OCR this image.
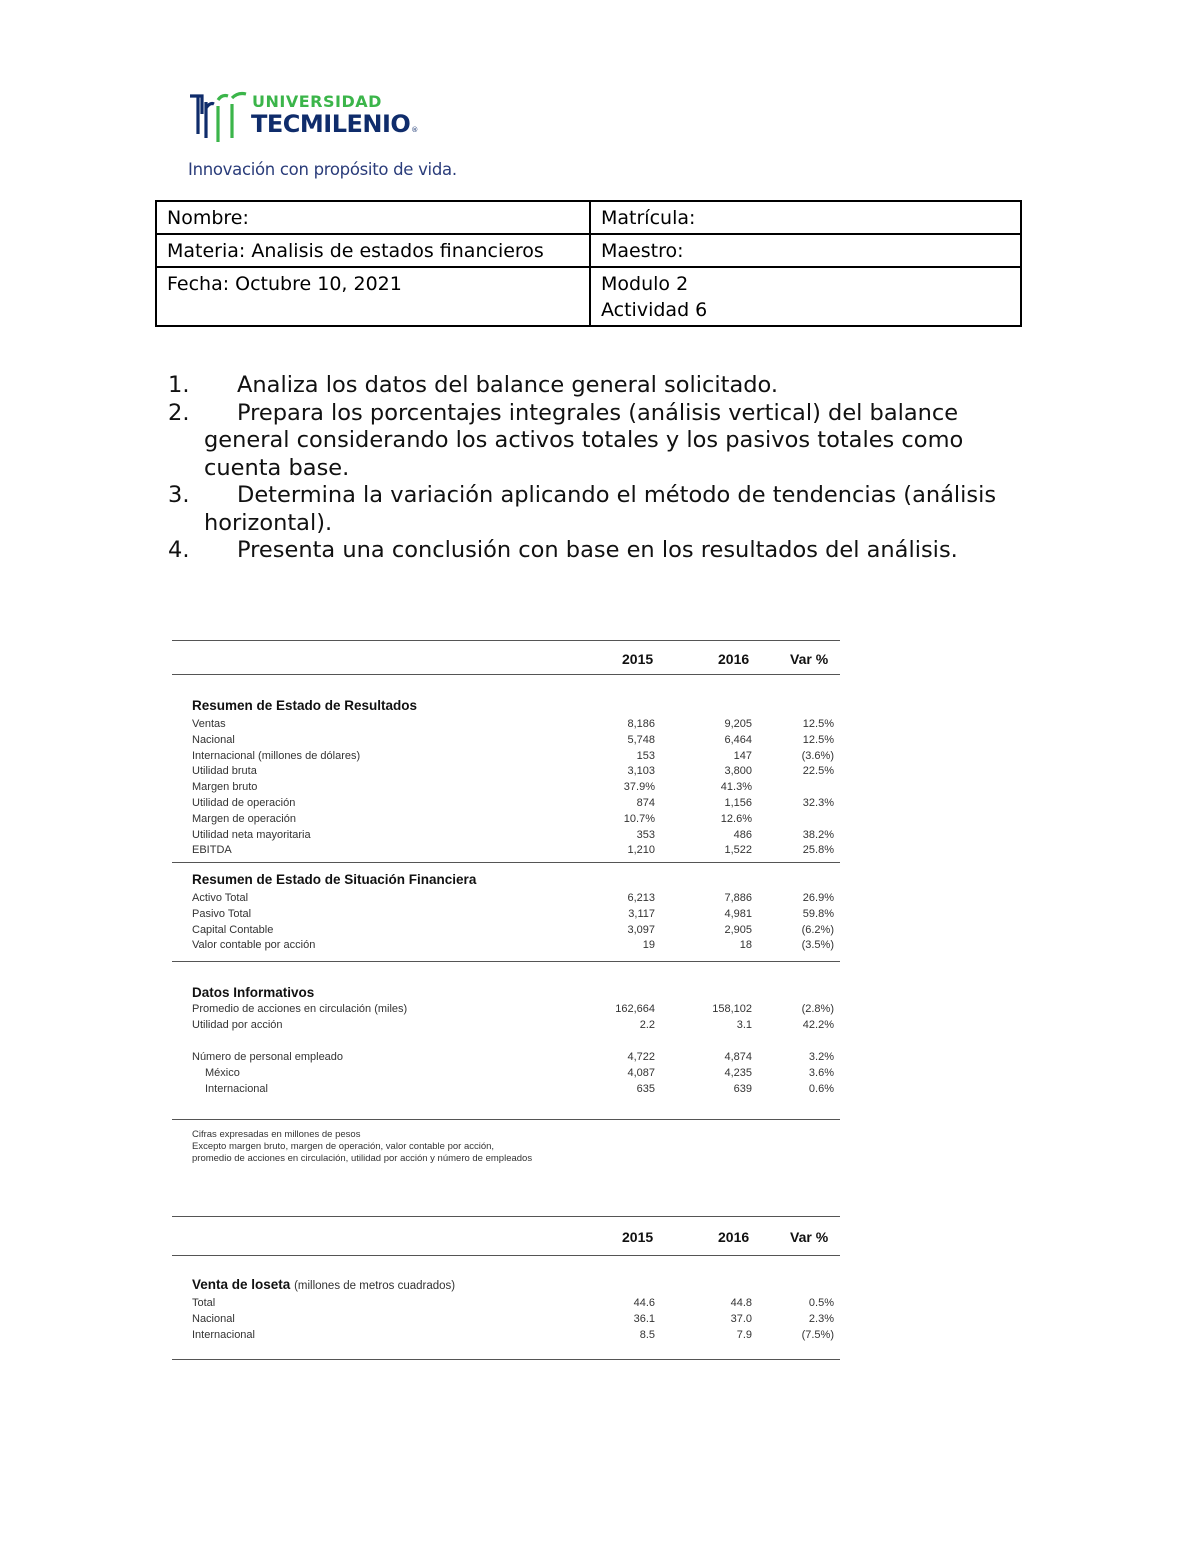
UNIVERSIDAD
TECMILENIO®
Innovación con propósito de vida.
Nombre:	Matrícula:
Materia: Analisis de estados financieros	Maestro:
Fecha: Octubre 10, 2021	Modulo 2
Actividad 6
1.	Analiza los datos del balance general solicitado.
2.	Prepara los porcentajes integrales (análisis vertical) del balance
general considerando los activos totales y los pasivos totales como
cuenta base.
3.	Determina la variación aplicando el método de tendencias (análisis
horizontal).
4.	Presenta una conclusión con base en los resultados del análisis.
2015	2016	Var %
Resumen de Estado de Resultados
Ventas	8,186	9,205	12.5%
Nacional	5,748	6,464	12.5%
Internacional (millones de dólares)	153	147	(3.6%)
Utilidad bruta	3,103	3,800	22.5%
Margen bruto	37.9%	41.3%
Utilidad de operación	874	1,156	32.3%
Margen de operación	10.7%	12.6%
Utilidad neta mayoritaria	353	486	38.2%
EBITDA	1,210	1,522	25.8%
Resumen de Estado de Situación Financiera
Activo Total	6,213	7,886	26.9%
Pasivo Total	3,117	4,981	59.8%
Capital Contable	3,097	2,905	(6.2%)
Valor contable por acción	19	18	(3.5%)
Datos Informativos
Promedio de acciones en circulación (miles)	162,664	158,102	(2.8%)
Utilidad por acción	2.2	3.1	42.2%
Número de personal empleado	4,722	4,874	3.2%
México	4,087	4,235	3.6%
Internacional	635	639	0.6%
Cifras expresadas en millones de pesos
Excepto margen bruto, margen de operación, valor contable por acción,
promedio de acciones en circulación, utilidad por acción y número de empleados
2015	2016	Var %
Venta de loseta (millones de metros cuadrados)
Total	44.6	44.8	0.5%
Nacional	36.1	37.0	2.3%
Internacional	8.5	7.9	(7.5%)
